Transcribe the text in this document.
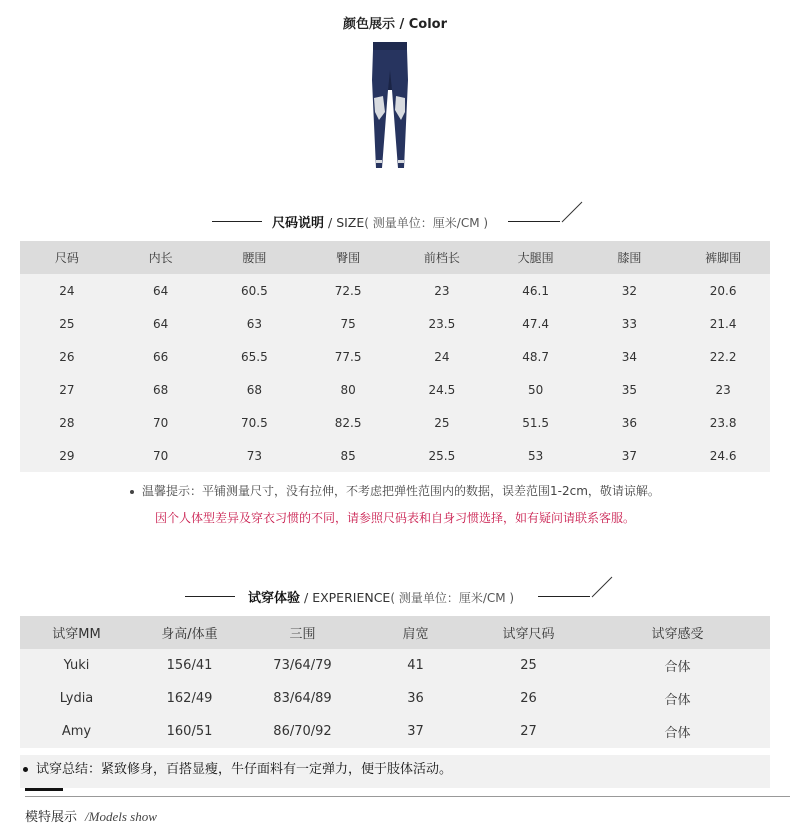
颜色展示 / Color
尺码说明 / SIZE( 测量单位：厘米/CM )
尺码	内长	腰围	臀围	前档长	大腿围	膝围	裤脚围
24	64	60.5	72.5	23	46.1	32	20.6
25	64	63	75	23.5	47.4	33	21.4
26	66	65.5	77.5	24	48.7	34	22.2
27	68	68	80	24.5	50	35	23
28	70	70.5	82.5	25	51.5	36	23.8
29	70	73	85	25.5	53	37	24.6
温馨提示：平铺测量尺寸，没有拉伸，不考虑把弹性范围内的数据，误差范围1-2cm，敬请谅解。
因个人体型差异及穿衣习惯的不同，请参照尺码表和自身习惯选择，如有疑问请联系客服。
试穿体验 / EXPERIENCE( 测量单位：厘米/CM )
试穿MM	身高/体重	三围	肩宽	试穿尺码	试穿感受
Yuki	156/41	73/64/79	41	25	合体
Lydia	162/49	83/64/89	36	26	合体
Amy	160/51	86/70/92	37	27	合体
试穿总结：紧致修身，百搭显瘦，牛仔面料有一定弹力，便于肢体活动。
模特展示 /Models show
